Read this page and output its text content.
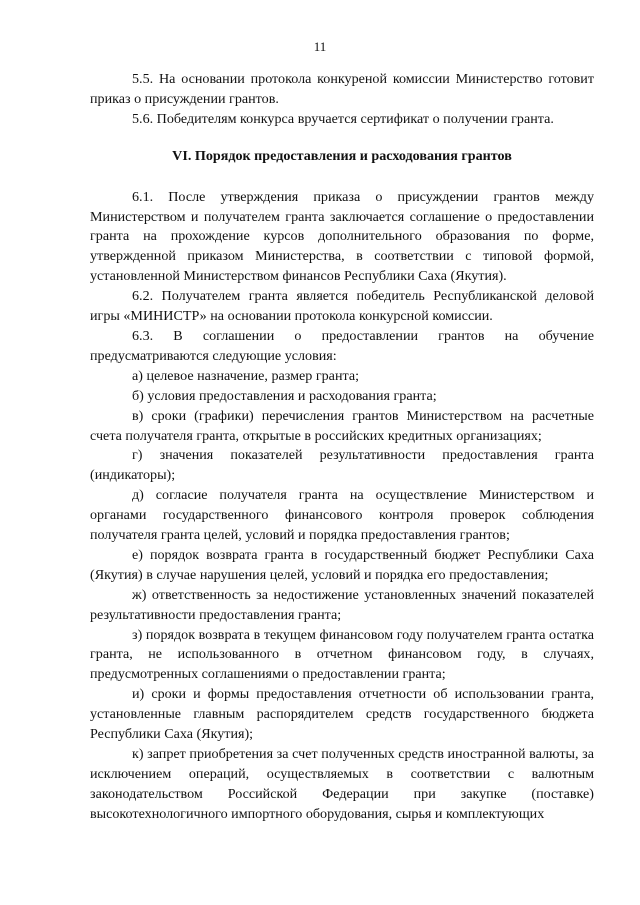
11

5.5. На основании протокола конкуреной комиссии Министерство готовит приказ о присуждении грантов.

5.6. Победителям конкурса вручается сертификат о получении гранта.

VI. Порядок предоставления и расходования грантов

6.1. После утверждения приказа о присуждении грантов между Министерством и получателем гранта заключается соглашение о предоставлении гранта на прохождение курсов дополнительного образования по форме, утвержденной приказом Министерства, в соответствии с типовой формой, установленной Министерством финансов Республики Саха (Якутия).

6.2. Получателем гранта является победитель Республиканской деловой игры «МИНИСТР» на основании протокола конкурсной комиссии.

6.3. В соглашении о предоставлении грантов на обучение предусматриваются следующие условия:

а) целевое назначение, размер гранта;

б) условия предоставления и расходования гранта;

в) сроки (графики) перечисления грантов Министерством на расчетные счета получателя гранта, открытые в российских кредитных организациях;

г) значения показателей результативности предоставления гранта (индикаторы);

д) согласие получателя гранта на осуществление Министерством и органами государственного финансового контроля проверок соблюдения получателя гранта целей, условий и порядка предоставления грантов;

е) порядок возврата гранта в государственный бюджет Республики Саха (Якутия) в случае нарушения целей, условий и порядка его предоставления;

ж) ответственность за недостижение установленных значений показателей результативности предоставления гранта;

з) порядок возврата в текущем финансовом году получателем гранта остатка гранта, не использованного в отчетном финансовом году, в случаях, предусмотренных соглашениями о предоставлении гранта;

и) сроки и формы предоставления отчетности об использовании гранта, установленные главным распорядителем средств государственного бюджета Республики Саха (Якутия);

к) запрет приобретения за счет полученных средств иностранной валюты, за исключением операций, осуществляемых в соответствии с валютным законодательством Российской Федерации при закупке (поставке) высокотехнологичного импортного оборудования, сырья и комплектующих
